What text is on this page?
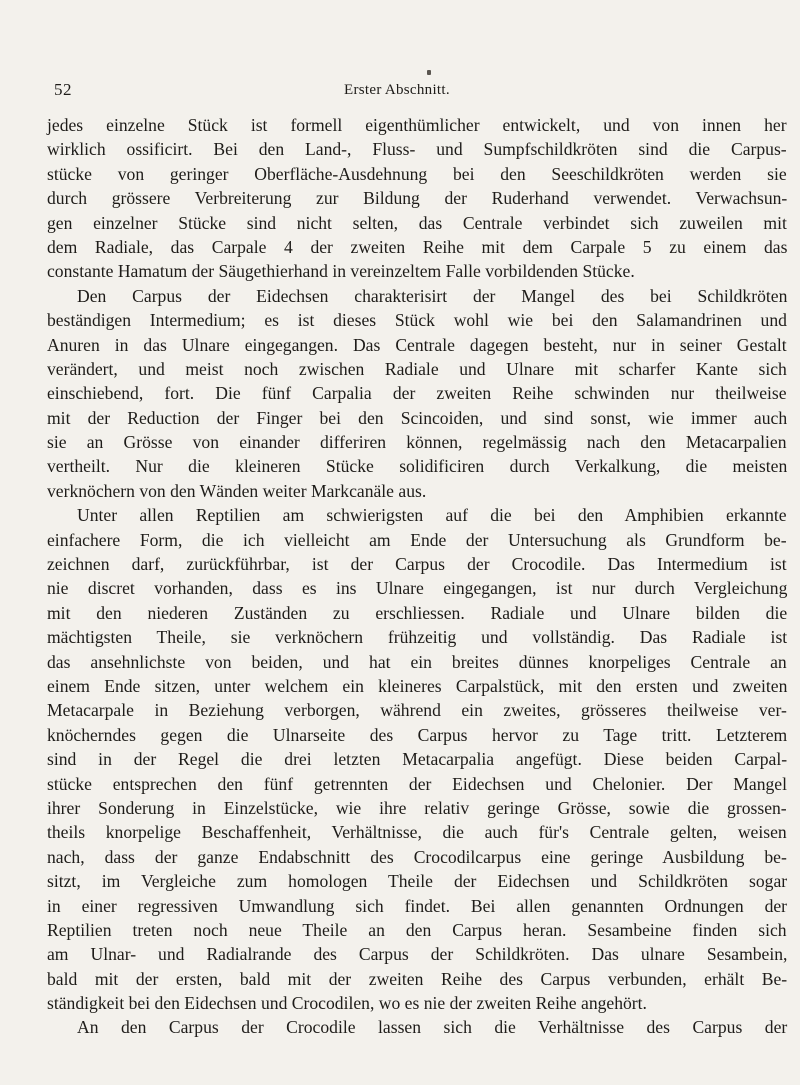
52	Erster Abschnitt.
jedes einzelne Stück ist formell eigenthümlicher entwickelt, und von innen her
wirklich ossificirt. Bei den Land-, Fluss- und Sumpfschildkröten sind die Carpus-
stücke von geringer Oberfläche-Ausdehnung bei den Seeschildkröten werden sie
durch grössere Verbreiterung zur Bildung der Ruderhand verwendet. Verwachsun-
gen einzelner Stücke sind nicht selten, das Centrale verbindet sich zuweilen mit
dem Radiale, das Carpale 4 der zweiten Reihe mit dem Carpale 5 zu einem das
constante Hamatum der Säugethierhand in vereinzeltem Falle vorbildenden Stücke.
Den Carpus der Eidechsen charakterisirt der Mangel des bei Schildkröten
beständigen Intermedium; es ist dieses Stück wohl wie bei den Salamandrinen und
Anuren in das Ulnare eingegangen. Das Centrale dagegen besteht, nur in seiner Gestalt
verändert, und meist noch zwischen Radiale und Ulnare mit scharfer Kante sich
einschiebend, fort. Die fünf Carpalia der zweiten Reihe schwinden nur theilweise
mit der Reduction der Finger bei den Scincoiden, und sind sonst, wie immer auch
sie an Grösse von einander differiren können, regelmässig nach den Metacarpalien
vertheilt. Nur die kleineren Stücke solidificiren durch Verkalkung, die meisten
verknöchern von den Wänden weiter Markcanäle aus.
Unter allen Reptilien am schwierigsten auf die bei den Amphibien erkannte
einfachere Form, die ich vielleicht am Ende der Untersuchung als Grundform be-
zeichnen darf, zurückführbar, ist der Carpus der Crocodile. Das Intermedium ist
nie discret vorhanden, dass es ins Ulnare eingegangen, ist nur durch Vergleichung
mit den niederen Zuständen zu erschliessen. Radiale und Ulnare bilden die
mächtigsten Theile, sie verknöchern frühzeitig und vollständig. Das Radiale ist
das ansehnlichste von beiden, und hat ein breites dünnes knorpeliges Centrale an
einem Ende sitzen, unter welchem ein kleineres Carpalstück, mit den ersten und zweiten
Metacarpale in Beziehung verborgen, während ein zweites, grösseres theilweise ver-
knöcherndes gegen die Ulnarseite des Carpus hervor zu Tage tritt. Letzterem
sind in der Regel die drei letzten Metacarpalia angefügt. Diese beiden Carpal-
stücke entsprechen den fünf getrennten der Eidechsen und Chelonier. Der Mangel
ihrer Sonderung in Einzelstücke, wie ihre relativ geringe Grösse, sowie die grossen-
theils knorpelige Beschaffenheit, Verhältnisse, die auch für's Centrale gelten, weisen
nach, dass der ganze Endabschnitt des Crocodilcarpus eine geringe Ausbildung be-
sitzt, im Vergleiche zum homologen Theile der Eidechsen und Schildkröten sogar
in einer regressiven Umwandlung sich findet. Bei allen genannten Ordnungen der
Reptilien treten noch neue Theile an den Carpus heran. Sesambeine finden sich
am Ulnar- und Radialrande des Carpus der Schildkröten. Das ulnare Sesambein,
bald mit der ersten, bald mit der zweiten Reihe des Carpus verbunden, erhält Be-
ständigkeit bei den Eidechsen und Crocodilen, wo es nie der zweiten Reihe angehört.
An den Carpus der Crocodile lassen sich die Verhältnisse des Carpus der
